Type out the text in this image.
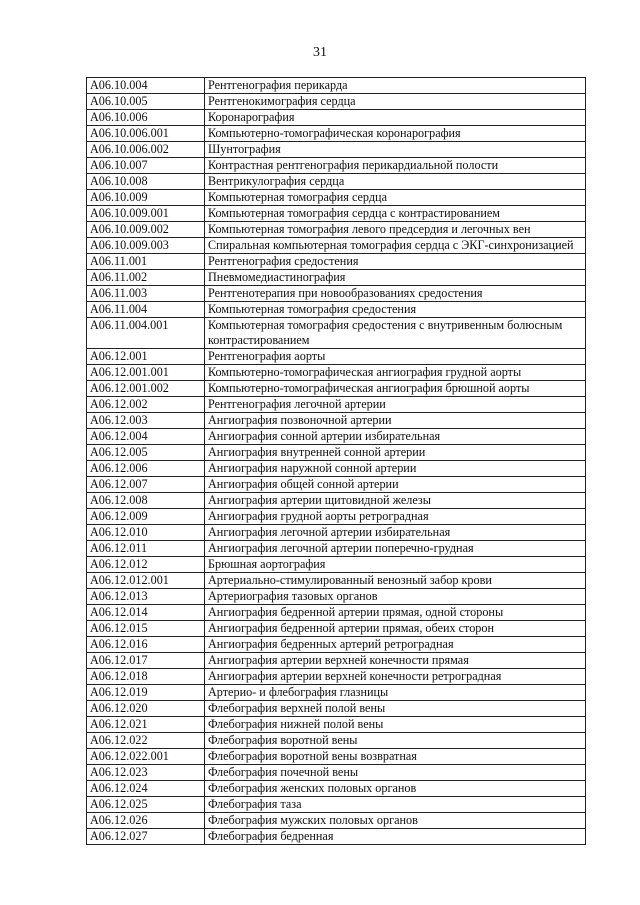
31
A06.10.004	Рентгенография перикарда
A06.10.005	Рентгенокимография сердца
A06.10.006	Коронарография
A06.10.006.001	Компьютерно-томографическая коронарография
A06.10.006.002	Шунтография
A06.10.007	Контрастная рентгенография перикардиальной полости
A06.10.008	Вентрикулография сердца
A06.10.009	Компьютерная томография сердца
A06.10.009.001	Компьютерная томография сердца с контрастированием
A06.10.009.002	Компьютерная томография левого предсердия и легочных вен
A06.10.009.003	Спиральная компьютерная томография сердца с ЭКГ-синхронизацией
A06.11.001	Рентгенография средостения
A06.11.002	Пневмомедиастинография
A06.11.003	Рентгенотерапия при новообразованиях средостения
A06.11.004	Компьютерная томография средостения
A06.11.004.001	Компьютерная томография средостения с внутривенным болюсным контрастированием
A06.12.001	Рентгенография аорты
A06.12.001.001	Компьютерно-томографическая ангиография грудной аорты
A06.12.001.002	Компьютерно-томографическая ангиография брюшной аорты
A06.12.002	Рентгенография легочной артерии
A06.12.003	Ангиография позвоночной артерии
A06.12.004	Ангиография сонной артерии избирательная
A06.12.005	Ангиография внутренней сонной артерии
A06.12.006	Ангиография наружной сонной артерии
A06.12.007	Ангиография общей сонной артерии
A06.12.008	Ангиография артерии щитовидной железы
A06.12.009	Ангиография грудной аорты ретроградная
A06.12.010	Ангиография легочной артерии избирательная
A06.12.011	Ангиография легочной артерии поперечно-грудная
A06.12.012	Брюшная аортография
A06.12.012.001	Артериально-стимулированный венозный забор крови
A06.12.013	Артериография тазовых органов
A06.12.014	Ангиография бедренной артерии прямая, одной стороны
A06.12.015	Ангиография бедренной артерии прямая, обеих сторон
A06.12.016	Ангиография бедренных артерий ретроградная
A06.12.017	Ангиография артерии верхней конечности прямая
A06.12.018	Ангиография артерии верхней конечности ретроградная
A06.12.019	Артерио- и флебография глазницы
A06.12.020	Флебография верхней полой вены
A06.12.021	Флебография нижней полой вены
A06.12.022	Флебография воротной вены
A06.12.022.001	Флебография воротной вены возвратная
A06.12.023	Флебография почечной вены
A06.12.024	Флебография женских половых органов
A06.12.025	Флебография таза
A06.12.026	Флебография мужских половых органов
A06.12.027	Флебография бедренная
